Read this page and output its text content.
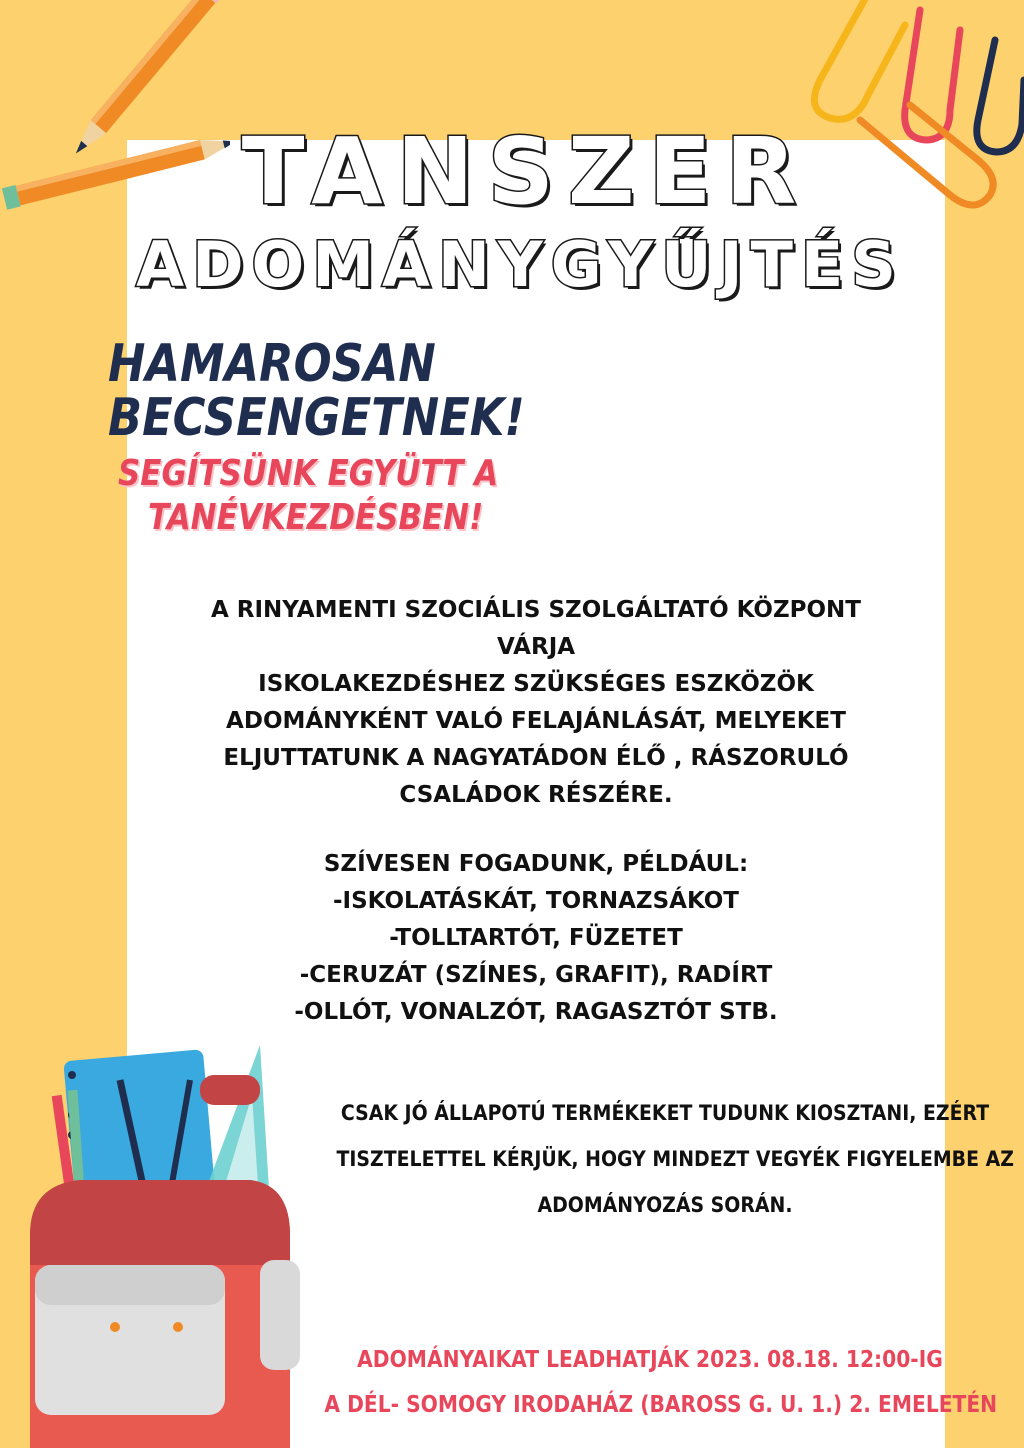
TANSZER
ADOMÁNYGYŰJTÉS
HAMAROSAN
BECSENGETNEK!
SEGÍTSÜNK EGYÜTT A
TANÉVKEZDÉSBEN!
A RINYAMENTI SZOCIÁLIS SZOLGÁLTATÓ KÖZPONT
VÁRJA
ISKOLAKEZDÉSHEZ SZÜKSÉGES ESZKÖZÖK
ADOMÁNYKÉNT VALÓ FELAJÁNLÁSÁT, MELYEKET
ELJUTTATUNK A NAGYATÁDON ÉLŐ , RÁSZORULÓ
CSALÁDOK RÉSZÉRE.
SZÍVESEN FOGADUNK, PÉLDÁUL:
-ISKOLATÁSKÁT, TORNAZSÁKOT
-TOLLTARTÓT, FÜZETET
-CERUZÁT (SZÍNES, GRAFIT), RADÍRT
-OLLÓT, VONALZÓT, RAGASZTÓT STB.
CSAK JÓ ÁLLAPOTÚ TERMÉKEKET TUDUNK KIOSZTANI, EZÉRT
TISZTELETTEL KÉRJÜK, HOGY MINDEZT VEGYÉK FIGYELEMBE AZ
ADOMÁNYOZÁS SORÁN.
ADOMÁNYAIKAT LEADHATJÁK 2023. 08.18. 12:00-IG
A DÉL- SOMOGY IRODAHÁZ (BAROSS G. U. 1.) 2. EMELETÉN
